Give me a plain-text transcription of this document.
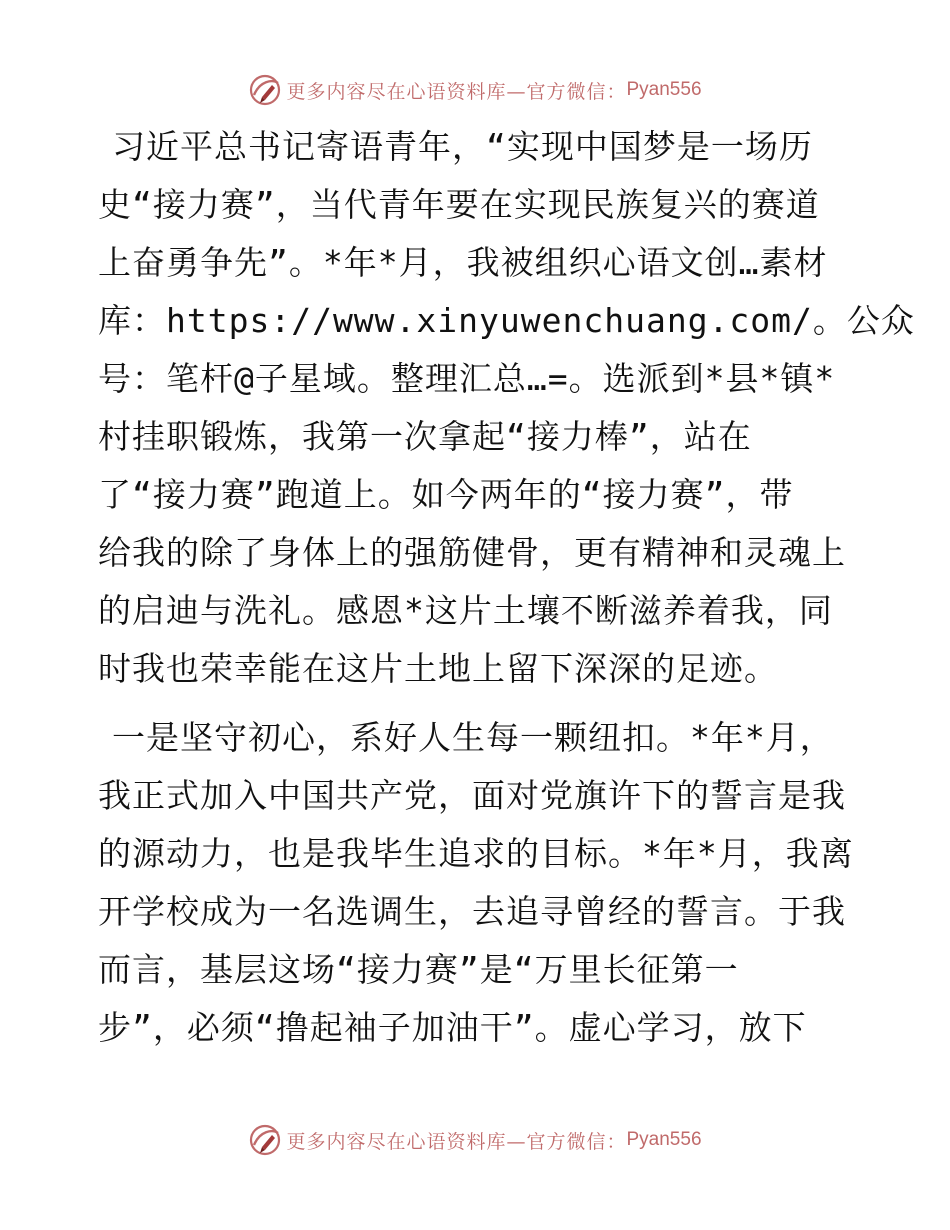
更多内容尽在心语资料库—官方微信： Pyan556
习近平总书记寄语青年，“实现中国梦是一场历
史“接力赛”，当代青年要在实现民族复兴的赛道
上奋勇争先”。*年*月，我被组织心语文创…素材
库：https://www.xinyuwenchuang.com/。公众
号：笔杆@子星域。整理汇总…=。选派到*县*镇*
村挂职锻炼，我第一次拿起“接力棒”，站在
了“接力赛”跑道上。如今两年的“接力赛”，带
给我的除了身体上的强筋健骨，更有精神和灵魂上
的启迪与洗礼。感恩*这片土壤不断滋养着我，同
时我也荣幸能在这片土地上留下深深的足迹。
一是坚守初心，系好人生每一颗纽扣。*年*月，
我正式加入中国共产党，面对党旗许下的誓言是我
的源动力，也是我毕生追求的目标。*年*月，我离
开学校成为一名选调生，去追寻曾经的誓言。于我
而言，基层这场“接力赛”是“万里长征第一
步”，必须“撸起袖子加油干”。虚心学习，放下
更多内容尽在心语资料库—官方微信： Pyan556
